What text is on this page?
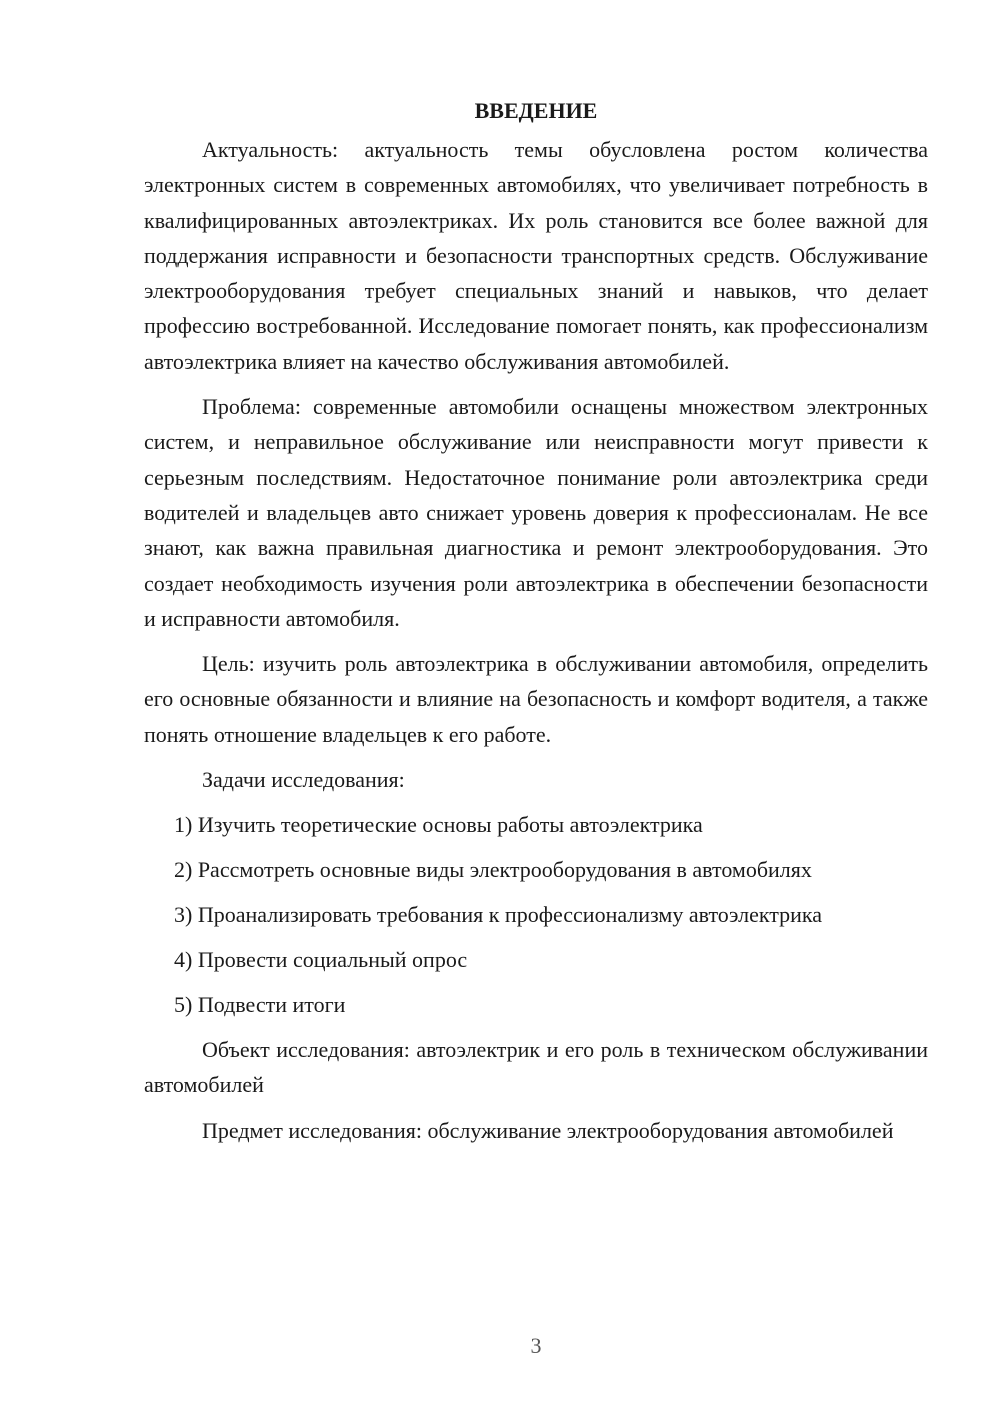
ВВЕДЕНИЕ

Актуальность: актуальность темы обусловлена ростом количества электронных систем в современных автомобилях, что увеличивает потребность в квалифицированных автоэлектриках. Их роль становится все более важной для поддержания исправности и безопасности транспортных средств. Обслуживание электрооборудования требует специальных знаний и навыков, что делает профессию востребованной. Исследование помогает понять, как профессионализм автоэлектрика влияет на качество обслуживания автомобилей.

Проблема: современные автомобили оснащены множеством электронных систем, и неправильное обслуживание или неисправности могут привести к серьезным последствиям. Недостаточное понимание роли автоэлектрика среди водителей и владельцев авто снижает уровень доверия к профессионалам. Не все знают, как важна правильная диагностика и ремонт электрооборудования. Это создает необходимость изучения роли автоэлектрика в обеспечении безопасности и исправности автомобиля.

Цель: изучить роль автоэлектрика в обслуживании автомобиля, определить его основные обязанности и влияние на безопасность и комфорт водителя, а также понять отношение владельцев к его работе.

Задачи исследования:

1) Изучить теоретические основы работы автоэлектрика
2) Рассмотреть основные виды электрооборудования в автомобилях
3) Проанализировать требования к профессионализму автоэлектрика
4) Провести социальный опрос
5) Подвести итоги

Объект исследования: автоэлектрик и его роль в техническом обслуживании автомобилей

Предмет исследования: обслуживание электрооборудования автомобилей

3
